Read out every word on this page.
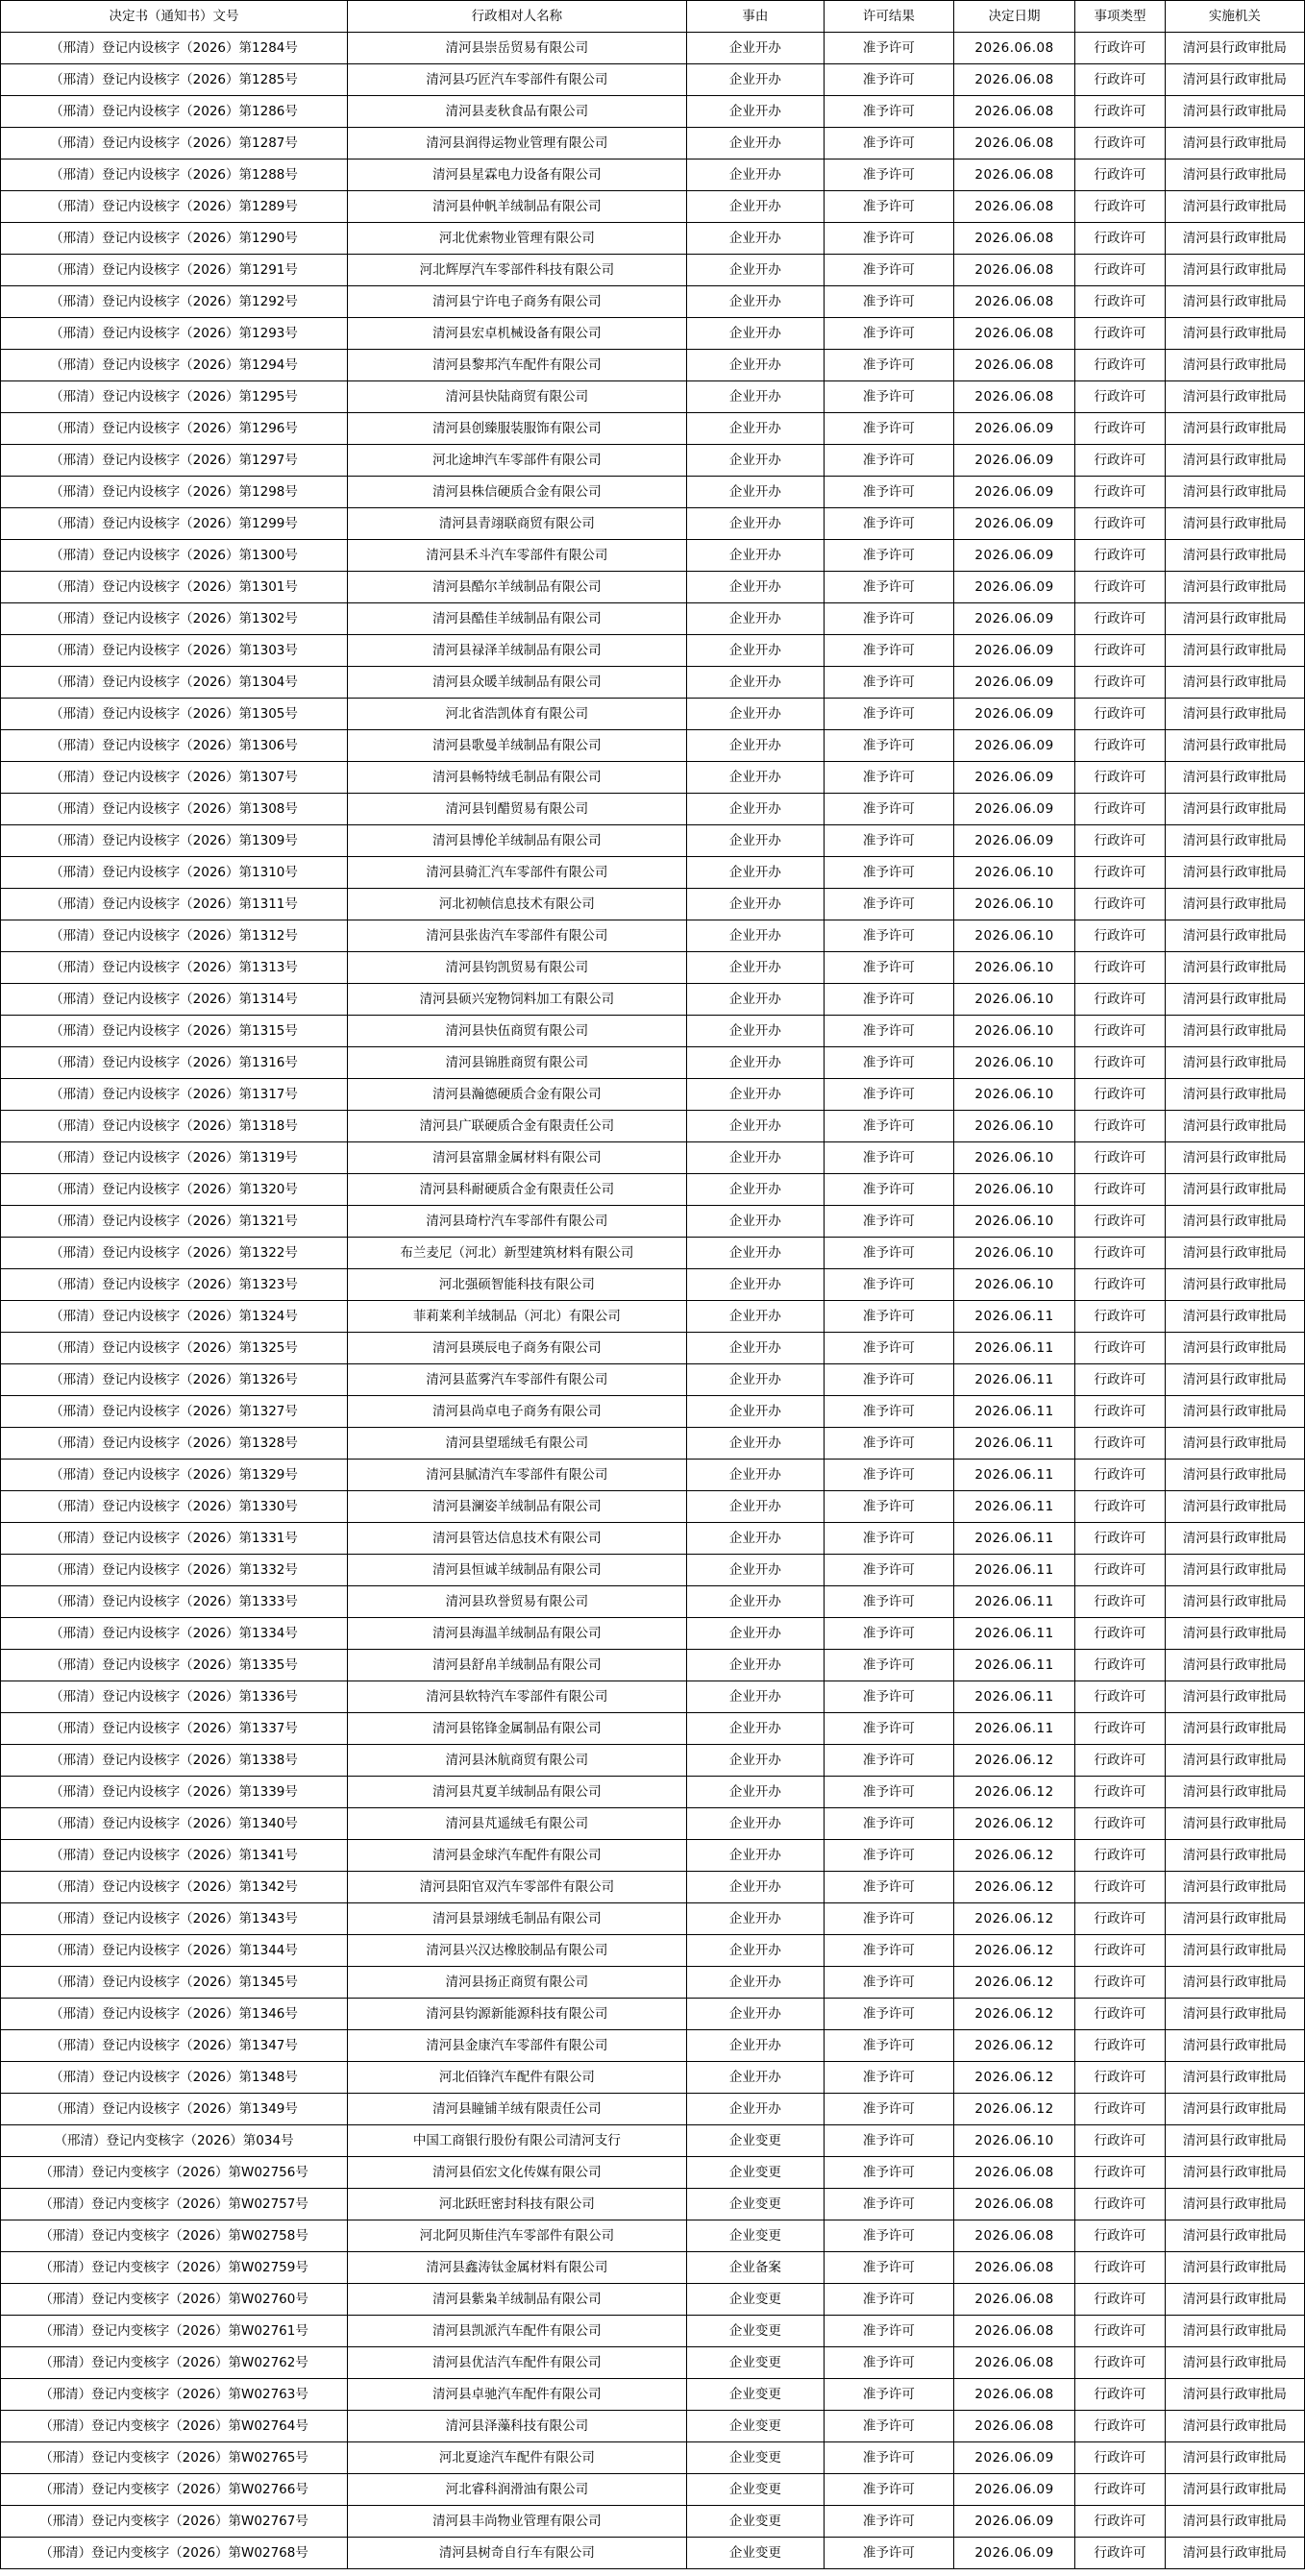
决定书（通知书）文号	行政相对人名称	事由	许可结果	决定日期	事项类型	实施机关
（邢清）登记内设核字（2026）第1284号	清河县崇岳贸易有限公司	企业开办	准予许可	2026.06.08	行政许可	清河县行政审批局
（邢清）登记内设核字（2026）第1285号	清河县巧匠汽车零部件有限公司	企业开办	准予许可	2026.06.08	行政许可	清河县行政审批局
（邢清）登记内设核字（2026）第1286号	清河县麦秋食品有限公司	企业开办	准予许可	2026.06.08	行政许可	清河县行政审批局
（邢清）登记内设核字（2026）第1287号	清河县润得运物业管理有限公司	企业开办	准予许可	2026.06.08	行政许可	清河县行政审批局
（邢清）登记内设核字（2026）第1288号	清河县星霖电力设备有限公司	企业开办	准予许可	2026.06.08	行政许可	清河县行政审批局
（邢清）登记内设核字（2026）第1289号	清河县仲帆羊绒制品有限公司	企业开办	准予许可	2026.06.08	行政许可	清河县行政审批局
（邢清）登记内设核字（2026）第1290号	河北优索物业管理有限公司	企业开办	准予许可	2026.06.08	行政许可	清河县行政审批局
（邢清）登记内设核字（2026）第1291号	河北辉厚汽车零部件科技有限公司	企业开办	准予许可	2026.06.08	行政许可	清河县行政审批局
（邢清）登记内设核字（2026）第1292号	清河县宁许电子商务有限公司	企业开办	准予许可	2026.06.08	行政许可	清河县行政审批局
（邢清）登记内设核字（2026）第1293号	清河县宏卓机械设备有限公司	企业开办	准予许可	2026.06.08	行政许可	清河县行政审批局
（邢清）登记内设核字（2026）第1294号	清河县黎邦汽车配件有限公司	企业开办	准予许可	2026.06.08	行政许可	清河县行政审批局
（邢清）登记内设核字（2026）第1295号	清河县快陆商贸有限公司	企业开办	准予许可	2026.06.08	行政许可	清河县行政审批局
（邢清）登记内设核字（2026）第1296号	清河县创臻服装服饰有限公司	企业开办	准予许可	2026.06.09	行政许可	清河县行政审批局
（邢清）登记内设核字（2026）第1297号	河北途坤汽车零部件有限公司	企业开办	准予许可	2026.06.09	行政许可	清河县行政审批局
（邢清）登记内设核字（2026）第1298号	清河县株信硬质合金有限公司	企业开办	准予许可	2026.06.09	行政许可	清河县行政审批局
（邢清）登记内设核字（2026）第1299号	清河县青翊联商贸有限公司	企业开办	准予许可	2026.06.09	行政许可	清河县行政审批局
（邢清）登记内设核字（2026）第1300号	清河县禾斗汽车零部件有限公司	企业开办	准予许可	2026.06.09	行政许可	清河县行政审批局
（邢清）登记内设核字（2026）第1301号	清河县酷尔羊绒制品有限公司	企业开办	准予许可	2026.06.09	行政许可	清河县行政审批局
（邢清）登记内设核字（2026）第1302号	清河县酷佳羊绒制品有限公司	企业开办	准予许可	2026.06.09	行政许可	清河县行政审批局
（邢清）登记内设核字（2026）第1303号	清河县禄泽羊绒制品有限公司	企业开办	准予许可	2026.06.09	行政许可	清河县行政审批局
（邢清）登记内设核字（2026）第1304号	清河县众暖羊绒制品有限公司	企业开办	准予许可	2026.06.09	行政许可	清河县行政审批局
（邢清）登记内设核字（2026）第1305号	河北省浩凯体育有限公司	企业开办	准予许可	2026.06.09	行政许可	清河县行政审批局
（邢清）登记内设核字（2026）第1306号	清河县歌曼羊绒制品有限公司	企业开办	准予许可	2026.06.09	行政许可	清河县行政审批局
（邢清）登记内设核字（2026）第1307号	清河县畅特绒毛制品有限公司	企业开办	准予许可	2026.06.09	行政许可	清河县行政审批局
（邢清）登记内设核字（2026）第1308号	清河县钊醋贸易有限公司	企业开办	准予许可	2026.06.09	行政许可	清河县行政审批局
（邢清）登记内设核字（2026）第1309号	清河县博伦羊绒制品有限公司	企业开办	准予许可	2026.06.09	行政许可	清河县行政审批局
（邢清）登记内设核字（2026）第1310号	清河县骑汇汽车零部件有限公司	企业开办	准予许可	2026.06.10	行政许可	清河县行政审批局
（邢清）登记内设核字（2026）第1311号	河北初帧信息技术有限公司	企业开办	准予许可	2026.06.10	行政许可	清河县行政审批局
（邢清）登记内设核字（2026）第1312号	清河县张齿汽车零部件有限公司	企业开办	准予许可	2026.06.10	行政许可	清河县行政审批局
（邢清）登记内设核字（2026）第1313号	清河县钧凯贸易有限公司	企业开办	准予许可	2026.06.10	行政许可	清河县行政审批局
（邢清）登记内设核字（2026）第1314号	清河县硕兴宠物饲料加工有限公司	企业开办	准予许可	2026.06.10	行政许可	清河县行政审批局
（邢清）登记内设核字（2026）第1315号	清河县快伍商贸有限公司	企业开办	准予许可	2026.06.10	行政许可	清河县行政审批局
（邢清）登记内设核字（2026）第1316号	清河县锦胜商贸有限公司	企业开办	准予许可	2026.06.10	行政许可	清河县行政审批局
（邢清）登记内设核字（2026）第1317号	清河县瀚德硬质合金有限公司	企业开办	准予许可	2026.06.10	行政许可	清河县行政审批局
（邢清）登记内设核字（2026）第1318号	清河县广联硬质合金有限责任公司	企业开办	准予许可	2026.06.10	行政许可	清河县行政审批局
（邢清）登记内设核字（2026）第1319号	清河县富鼎金属材料有限公司	企业开办	准予许可	2026.06.10	行政许可	清河县行政审批局
（邢清）登记内设核字（2026）第1320号	清河县科耐硬质合金有限责任公司	企业开办	准予许可	2026.06.10	行政许可	清河县行政审批局
（邢清）登记内设核字（2026）第1321号	清河县琦柠汽车零部件有限公司	企业开办	准予许可	2026.06.10	行政许可	清河县行政审批局
（邢清）登记内设核字（2026）第1322号	布兰麦尼（河北）新型建筑材料有限公司	企业开办	准予许可	2026.06.10	行政许可	清河县行政审批局
（邢清）登记内设核字（2026）第1323号	河北强硕智能科技有限公司	企业开办	准予许可	2026.06.10	行政许可	清河县行政审批局
（邢清）登记内设核字（2026）第1324号	菲莉莱利羊绒制品（河北）有限公司	企业开办	准予许可	2026.06.11	行政许可	清河县行政审批局
（邢清）登记内设核字（2026）第1325号	清河县瑛辰电子商务有限公司	企业开办	准予许可	2026.06.11	行政许可	清河县行政审批局
（邢清）登记内设核字（2026）第1326号	清河县蓝雾汽车零部件有限公司	企业开办	准予许可	2026.06.11	行政许可	清河县行政审批局
（邢清）登记内设核字（2026）第1327号	清河县尚卓电子商务有限公司	企业开办	准予许可	2026.06.11	行政许可	清河县行政审批局
（邢清）登记内设核字（2026）第1328号	清河县望瑶绒毛有限公司	企业开办	准予许可	2026.06.11	行政许可	清河县行政审批局
（邢清）登记内设核字（2026）第1329号	清河县腻清汽车零部件有限公司	企业开办	准予许可	2026.06.11	行政许可	清河县行政审批局
（邢清）登记内设核字（2026）第1330号	清河县澜姿羊绒制品有限公司	企业开办	准予许可	2026.06.11	行政许可	清河县行政审批局
（邢清）登记内设核字（2026）第1331号	清河县管达信息技术有限公司	企业开办	准予许可	2026.06.11	行政许可	清河县行政审批局
（邢清）登记内设核字（2026）第1332号	清河县恒诚羊绒制品有限公司	企业开办	准予许可	2026.06.11	行政许可	清河县行政审批局
（邢清）登记内设核字（2026）第1333号	清河县玖誉贸易有限公司	企业开办	准予许可	2026.06.11	行政许可	清河县行政审批局
（邢清）登记内设核字（2026）第1334号	清河县海温羊绒制品有限公司	企业开办	准予许可	2026.06.11	行政许可	清河县行政审批局
（邢清）登记内设核字（2026）第1335号	清河县舒帛羊绒制品有限公司	企业开办	准予许可	2026.06.11	行政许可	清河县行政审批局
（邢清）登记内设核字（2026）第1336号	清河县软特汽车零部件有限公司	企业开办	准予许可	2026.06.11	行政许可	清河县行政审批局
（邢清）登记内设核字（2026）第1337号	清河县铭锋金属制品有限公司	企业开办	准予许可	2026.06.11	行政许可	清河县行政审批局
（邢清）登记内设核字（2026）第1338号	清河县沐航商贸有限公司	企业开办	准予许可	2026.06.12	行政许可	清河县行政审批局
（邢清）登记内设核字（2026）第1339号	清河县芃夏羊绒制品有限公司	企业开办	准予许可	2026.06.12	行政许可	清河县行政审批局
（邢清）登记内设核字（2026）第1340号	清河县芃遥绒毛有限公司	企业开办	准予许可	2026.06.12	行政许可	清河县行政审批局
（邢清）登记内设核字（2026）第1341号	清河县金球汽车配件有限公司	企业开办	准予许可	2026.06.12	行政许可	清河县行政审批局
（邢清）登记内设核字（2026）第1342号	清河县阳官双汽车零部件有限公司	企业开办	准予许可	2026.06.12	行政许可	清河县行政审批局
（邢清）登记内设核字（2026）第1343号	清河县景翊绒毛制品有限公司	企业开办	准予许可	2026.06.12	行政许可	清河县行政审批局
（邢清）登记内设核字（2026）第1344号	清河县兴汉达橡胶制品有限公司	企业开办	准予许可	2026.06.12	行政许可	清河县行政审批局
（邢清）登记内设核字（2026）第1345号	清河县扬正商贸有限公司	企业开办	准予许可	2026.06.12	行政许可	清河县行政审批局
（邢清）登记内设核字（2026）第1346号	清河县钧源新能源科技有限公司	企业开办	准予许可	2026.06.12	行政许可	清河县行政审批局
（邢清）登记内设核字（2026）第1347号	清河县金康汽车零部件有限公司	企业开办	准予许可	2026.06.12	行政许可	清河县行政审批局
（邢清）登记内设核字（2026）第1348号	河北佰锋汽车配件有限公司	企业开办	准予许可	2026.06.12	行政许可	清河县行政审批局
（邢清）登记内设核字（2026）第1349号	清河县瞳铺羊绒有限责任公司	企业开办	准予许可	2026.06.12	行政许可	清河县行政审批局
（邢清）登记内变核字（2026）第034号	中国工商银行股份有限公司清河支行	企业变更	准予许可	2026.06.10	行政许可	清河县行政审批局
（邢清）登记内变核字（2026）第W02756号	清河县佰宏文化传媒有限公司	企业变更	准予许可	2026.06.08	行政许可	清河县行政审批局
（邢清）登记内变核字（2026）第W02757号	河北跃旺密封科技有限公司	企业变更	准予许可	2026.06.08	行政许可	清河县行政审批局
（邢清）登记内变核字（2026）第W02758号	河北阿贝斯佳汽车零部件有限公司	企业变更	准予许可	2026.06.08	行政许可	清河县行政审批局
（邢清）登记内变核字（2026）第W02759号	清河县鑫涛钛金属材料有限公司	企业备案	准予许可	2026.06.08	行政许可	清河县行政审批局
（邢清）登记内变核字（2026）第W02760号	清河县紫枭羊绒制品有限公司	企业变更	准予许可	2026.06.08	行政许可	清河县行政审批局
（邢清）登记内变核字（2026）第W02761号	清河县凯派汽车配件有限公司	企业变更	准予许可	2026.06.08	行政许可	清河县行政审批局
（邢清）登记内变核字（2026）第W02762号	清河县优洁汽车配件有限公司	企业变更	准予许可	2026.06.08	行政许可	清河县行政审批局
（邢清）登记内变核字（2026）第W02763号	清河县卓驰汽车配件有限公司	企业变更	准予许可	2026.06.08	行政许可	清河县行政审批局
（邢清）登记内变核字（2026）第W02764号	清河县泽藻科技有限公司	企业变更	准予许可	2026.06.08	行政许可	清河县行政审批局
（邢清）登记内变核字（2026）第W02765号	河北夏途汽车配件有限公司	企业变更	准予许可	2026.06.09	行政许可	清河县行政审批局
（邢清）登记内变核字（2026）第W02766号	河北睿科润滑油有限公司	企业变更	准予许可	2026.06.09	行政许可	清河县行政审批局
（邢清）登记内变核字（2026）第W02767号	清河县丰尚物业管理有限公司	企业变更	准予许可	2026.06.09	行政许可	清河县行政审批局
（邢清）登记内变核字（2026）第W02768号	清河县树奇自行车有限公司	企业变更	准予许可	2026.06.09	行政许可	清河县行政审批局
